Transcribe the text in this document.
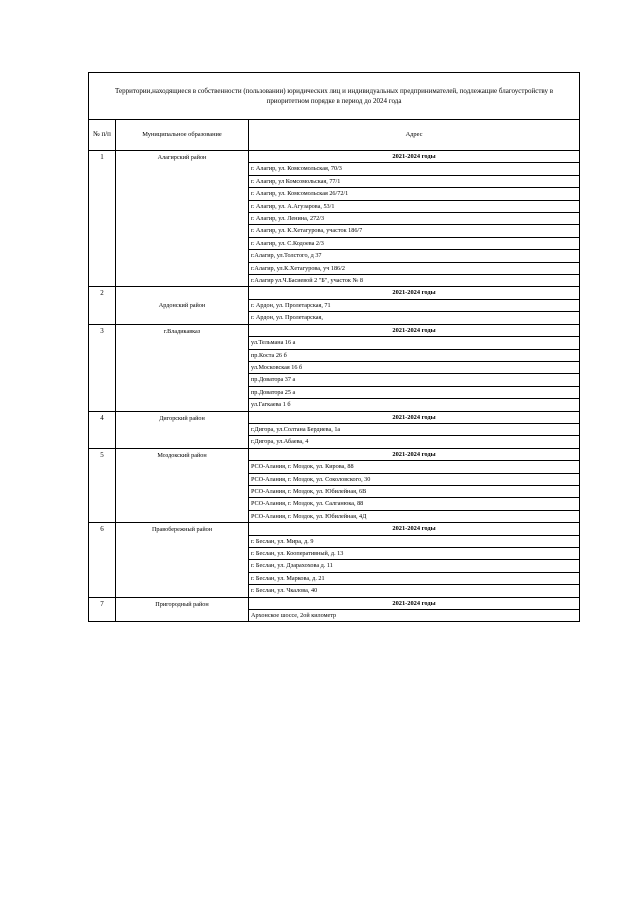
Территории,находящиеся в собственности (пользовании) юридических лиц и индивидуальных предпринимателей, подлежащие благоустройству в приоритетном порядке в период до 2024 года		
№ п/п	Муниципальное образование	Адрес
1	Алагирский район	2021-2024 годы
		г. Алагир, ул. Комсомольская, 70/3
		г. Алагир, ул Комсомольская, 77/1
		г. Алагир, ул. Комсомольская 26/72/1
		г. Алагир, ул. А.Агузарова, 53/1
		г. Алагир, ул. Ленина, 272/3
		г. Алагир, ул. К.Хетагурова, участок 186/7
		г. Алагир, ул. С.Кодоева 2/3
		г.Алагир, ул.Толстого, д 37
		г.Алагир, ул.К.Хетагурова, уч 186/2
		г.Алагир ул.Ч.Басиевой 2 "Б", участок № 8
2	Ардонский район	2021-2024 годы
		г. Ардон, ул. Пролетарская, 71
		г. Ардон, ул. Пролетарская,
3	г.Владикавказ	2021-2024 годы
		ул.Тельмана 16 а
		пр.Коста 26 б
		ул.Московская 16 б
		пр.Доватора 37 а
		пр.Доватора 25 а
		ул.Гагкаева 1 б
4	Дигорский район	2021-2024 годы
		г.Дигора, ул.Солтана Бердиева, 1а
		г.Дигора, ул.Абаева, 4
5	Моздокский район	2021-2024 годы
		РСО-Алания, г. Моздок, ул. Кирова, 88
		РСО-Алания, г. Моздок, ул. Соколовского, 30
		РСО-Алания, г. Моздок, ул. Юбилейная, 6В
		РСО-Алания, г. Моздок, ул. Салганюка, 88
		РСО-Алания, г. Моздок, ул. Юбилейная, 4Д
6	Правобережный район	2021-2024 годы
		г. Беслан, ул. Мира, д. 9
		г. Беслан, ул. Кооперативный, д. 13
		г. Беслан, ул. Дзарахохова д. 11
		г. Беслан, ул. Маркова, д. 21
		г. Беслан, ул. Чкалова, 40
7	Пригородный район	2021-2024 годы
		Архонское шоссе, 2ой километр
